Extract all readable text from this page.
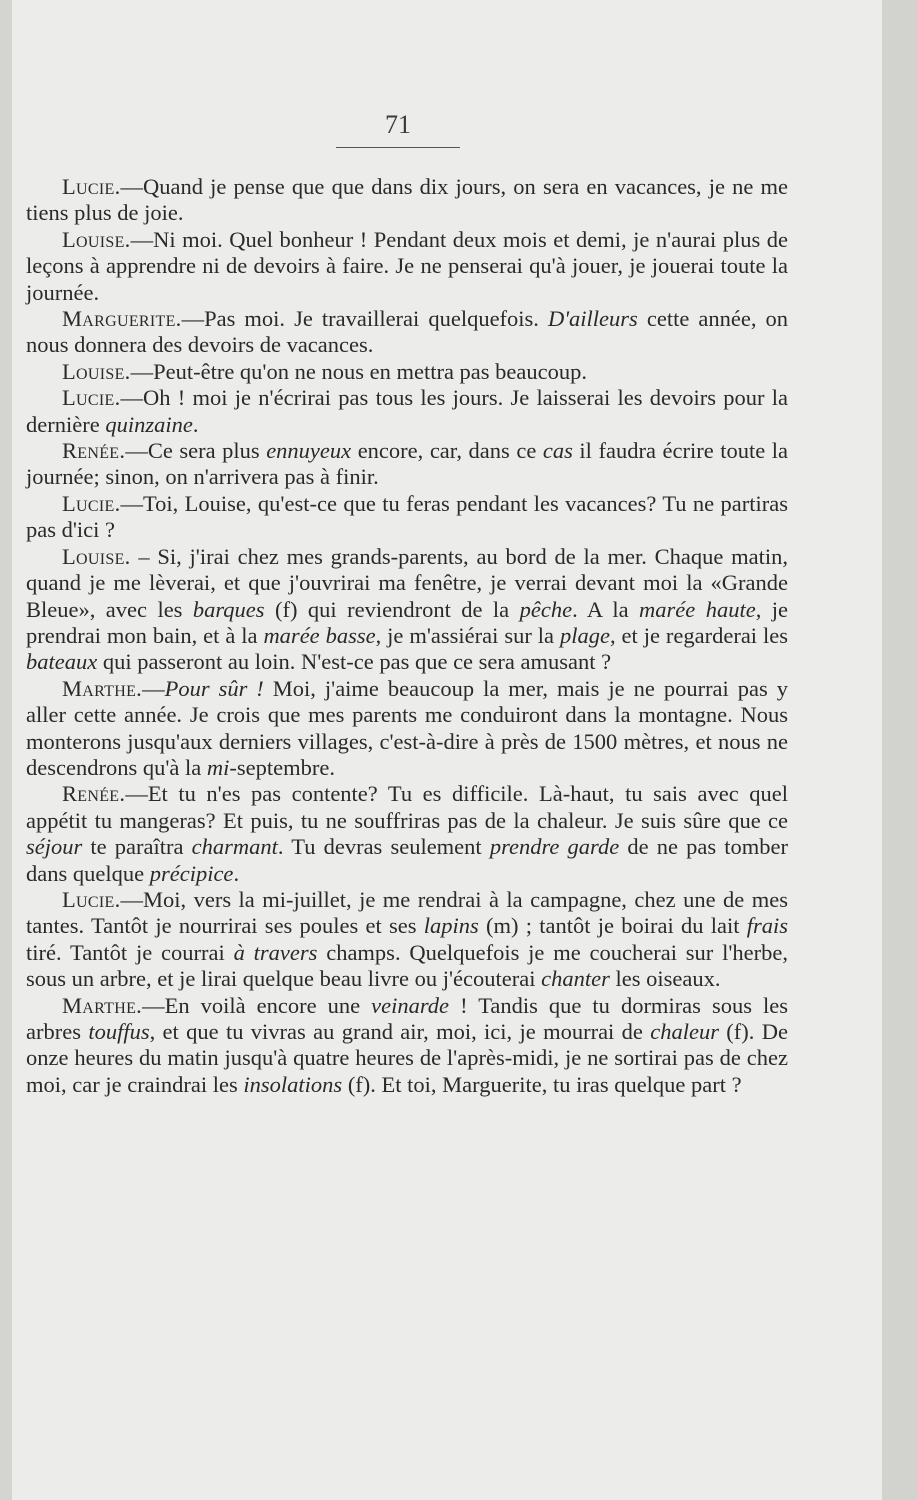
71

Lucie.—Quand je pense que que dans dix jours, on sera en vacances, je ne me tiens plus de joie.

Louise.—Ni moi. Quel bonheur ! Pendant deux mois et demi, je n'aurai plus de leçons à apprendre ni de devoirs à faire. Je ne penserai qu'à jouer, je jouerai toute la journée.

Marguerite.—Pas moi. Je travaillerai quelquefois. D'ailleurs cette année, on nous donnera des devoirs de vacances.

Louise.—Peut-être qu'on ne nous en mettra pas beaucoup.

Lucie.—Oh ! moi je n'écrirai pas tous les jours. Je laisserai les devoirs pour la dernière quinzaine.

Renée.—Ce sera plus ennuyeux encore, car, dans ce cas il faudra écrire toute la journée; sinon, on n'arrivera pas à finir.

Lucie.—Toi, Louise, qu'est-ce que tu feras pendant les vacances? Tu ne partiras pas d'ici ?

Louise. – Si, j'irai chez mes grands-parents, au bord de la mer. Chaque matin, quand je me lèverai, et que j'ouvrirai ma fenêtre, je verrai devant moi la «Grande Bleue», avec les barques (f) qui reviendront de la pêche. A la marée haute, je prendrai mon bain, et à la marée basse, je m'assiérai sur la plage, et je regarderai les bateaux qui passeront au loin. N'est-ce pas que ce sera amusant ?

Marthe.—Pour sûr ! Moi, j'aime beaucoup la mer, mais je ne pourrai pas y aller cette année. Je crois que mes parents me conduiront dans la montagne. Nous monterons jusqu'aux derniers villages, c'est-à-dire à près de 1500 mètres, et nous ne descendrons qu'à la mi-septembre.

Renée.—Et tu n'es pas contente? Tu es difficile. Là-haut, tu sais avec quel appétit tu mangeras? Et puis, tu ne souffriras pas de la chaleur. Je suis sûre que ce séjour te paraîtra charmant. Tu devras seulement prendre garde de ne pas tomber dans quelque précipice.

Lucie.—Moi, vers la mi-juillet, je me rendrai à la campagne, chez une de mes tantes. Tantôt je nourrirai ses poules et ses lapins (m) ; tantôt je boirai du lait frais tiré. Tantôt je courrai à travers champs. Quelquefois je me coucherai sur l'herbe, sous un arbre, et je lirai quelque beau livre ou j'écouterai chanter les oiseaux.

Marthe.—En voilà encore une veinarde ! Tandis que tu dormiras sous les arbres touffus, et que tu vivras au grand air, moi, ici, je mourrai de chaleur (f). De onze heures du matin jusqu'à quatre heures de l'après-midi, je ne sortirai pas de chez moi, car je craindrai les insolations (f). Et toi, Marguerite, tu iras quelque part ?
